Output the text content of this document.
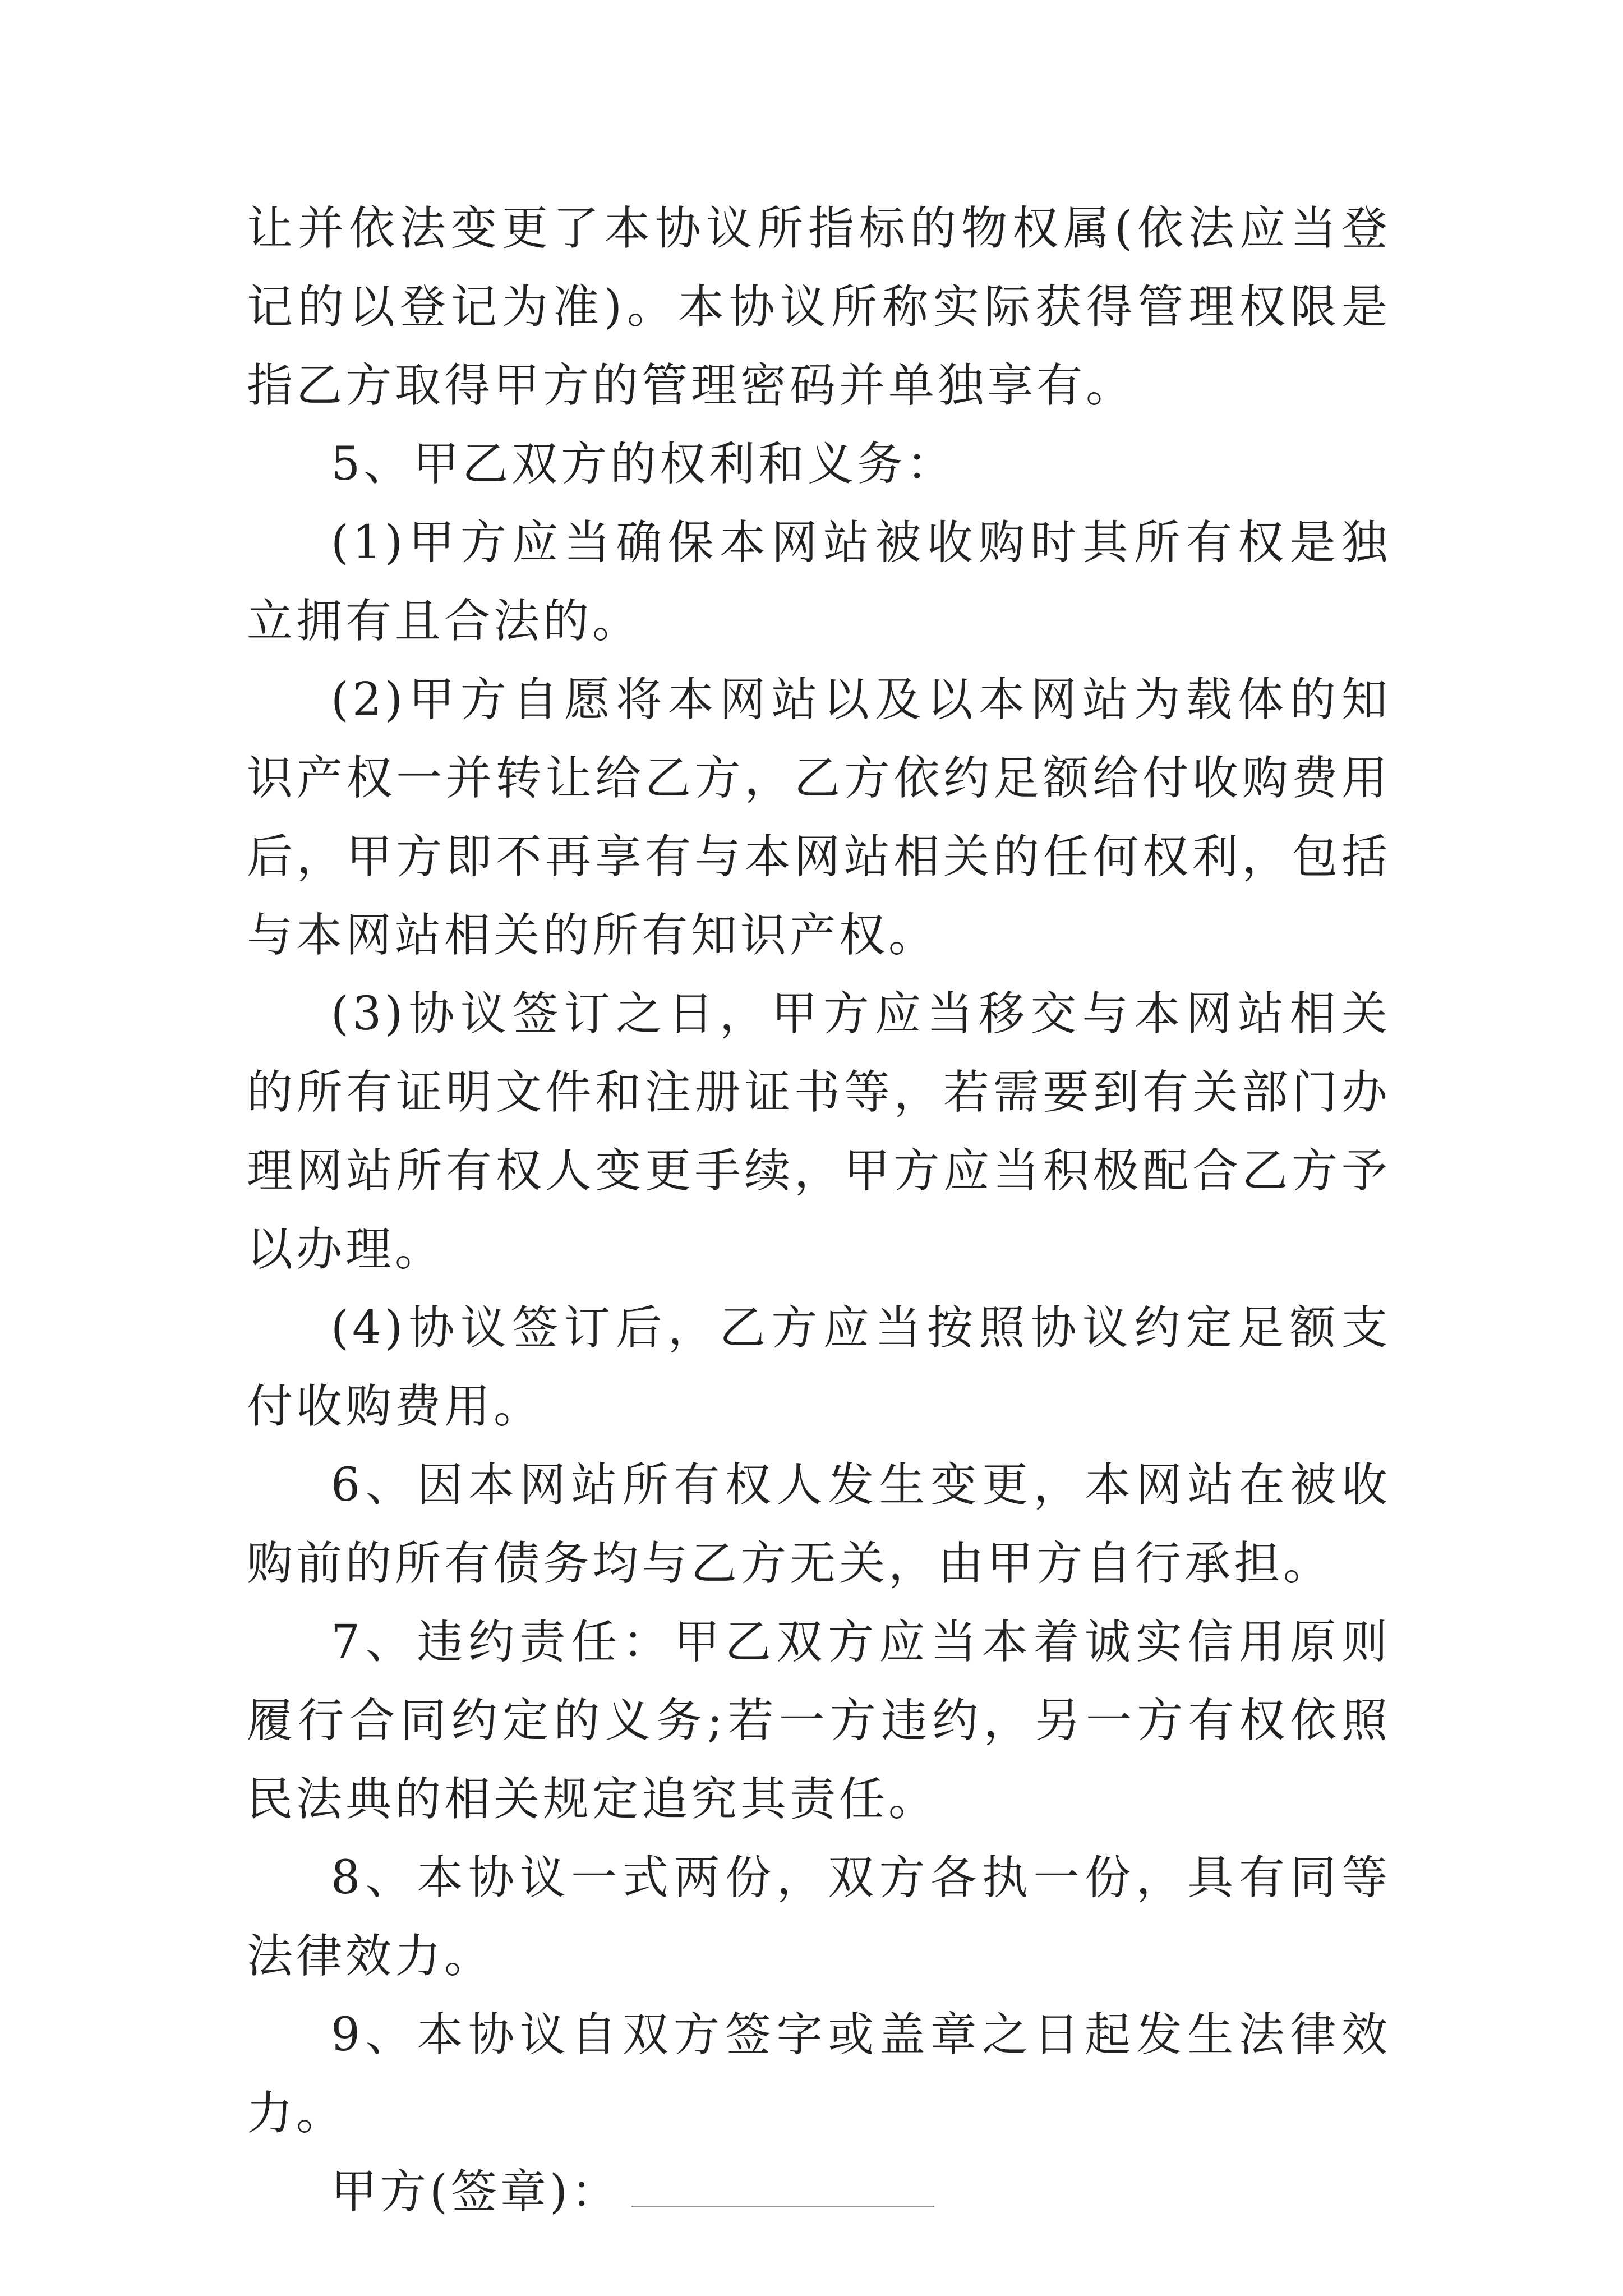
让并依法变更了本协议所指标的物权属(依法应当登记的以登记为准)。本协议所称实际获得管理权限是指乙方取得甲方的管理密码并单独享有。

5、甲乙双方的权利和义务：

(1)甲方应当确保本网站被收购时其所有权是独立拥有且合法的。

(2)甲方自愿将本网站以及以本网站为载体的知识产权一并转让给乙方，乙方依约足额给付收购费用后，甲方即不再享有与本网站相关的任何权利，包括与本网站相关的所有知识产权。

(3)协议签订之日，甲方应当移交与本网站相关的所有证明文件和注册证书等，若需要到有关部门办理网站所有权人变更手续，甲方应当积极配合乙方予以办理。

(4)协议签订后，乙方应当按照协议约定足额支付收购费用。

6、因本网站所有权人发生变更，本网站在被收购前的所有债务均与乙方无关，由甲方自行承担。

7、违约责任：甲乙双方应当本着诚实信用原则履行合同约定的义务;若一方违约，另一方有权依照民法典的相关规定追究其责任。

8、本协议一式两份，双方各执一份，具有同等法律效力。

9、本协议自双方签字或盖章之日起发生法律效力。

甲方(签章)：
